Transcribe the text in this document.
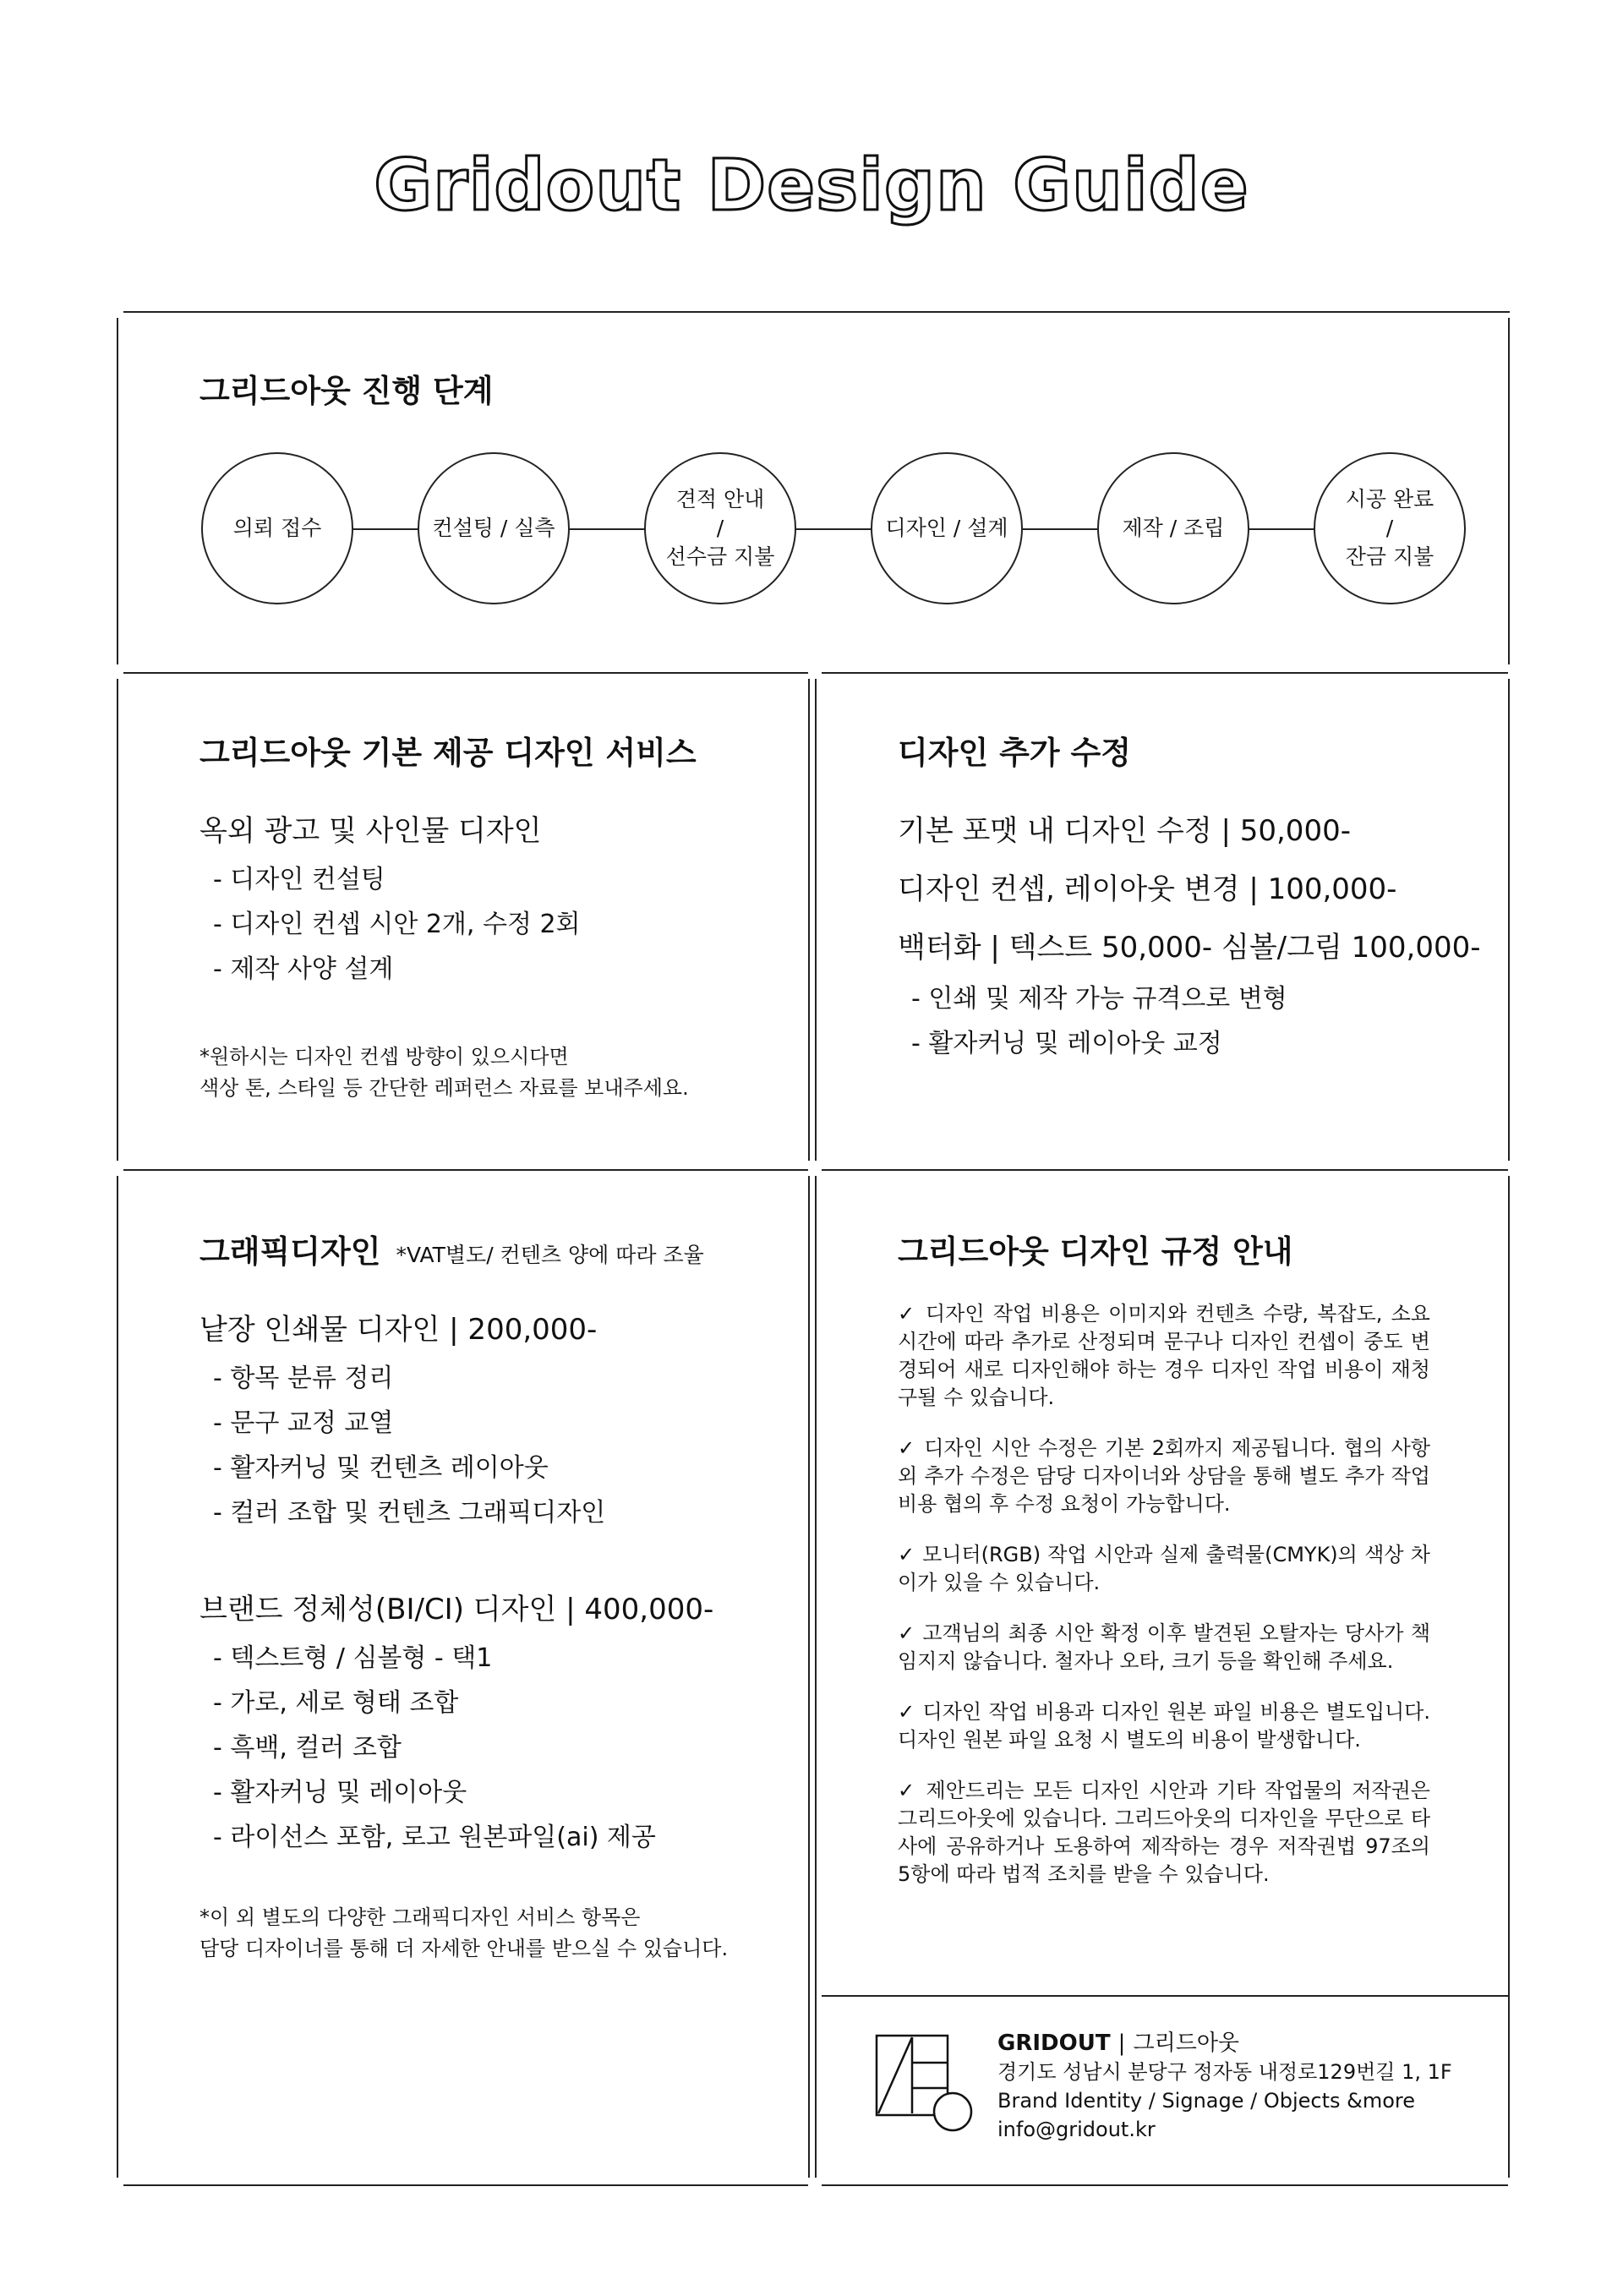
Gridout Design Guide
그리드아웃 진행 단계
의뢰 접수	컨설팅 / 실측
견적 안내
/
선수금 지불
디자인 / 설계	제작 / 조립
시공 완료
/
잔금 지불
그리드아웃 기본 제공 디자인 서비스
옥외 광고 및 사인물 디자인
- 디자인 컨설팅
- 디자인 컨셉 시안 2개, 수정 2회
- 제작 사양 설계
*원하시는 디자인 컨셉 방향이 있으시다면
색상 톤, 스타일 등 간단한 레퍼런스 자료를 보내주세요.
디자인 추가 수정
기본 포맷 내 디자인 수정 | 50,000-
디자인 컨셉, 레이아웃 변경 | 100,000-
백터화 | 텍스트 50,000- 심볼/그림 100,000-
- 인쇄 및 제작 가능 규격으로 변형
- 활자커닝 및 레이아웃 교정
그래픽디자인 *VAT별도/ 컨텐츠 양에 따라 조율
낱장 인쇄물 디자인 | 200,000-
- 항목 분류 정리
- 문구 교정 교열
- 활자커닝 및 컨텐츠 레이아웃
- 컬러 조합 및 컨텐츠 그래픽디자인
브랜드 정체성(BI/CI) 디자인 | 400,000-
- 텍스트형 / 심볼형 - 택1
- 가로, 세로 형태 조합
- 흑백, 컬러 조합
- 활자커닝 및 레이아웃
- 라이선스 포함, 로고 원본파일(ai) 제공
*이 외 별도의 다양한 그래픽디자인 서비스 항목은
담당 디자이너를 통해 더 자세한 안내를 받으실 수 있습니다.
그리드아웃 디자인 규정 안내

✓ 디자인 작업 비용은 이미지와 컨텐츠 수량, 복잡도, 소요 시간에 따라 추가로 산정되며 문구나 디자인 컨셉이 중도 변경되어 새로 디자인해야 하는 경우 디자인 작업 비용이 재청구될 수 있습니다.

✓ 디자인 시안 수정은 기본 2회까지 제공됩니다. 협의 사항 외 추가 수정은 담당 디자이너와 상담을 통해 별도 추가 작업 비용 협의 후 수정 요청이 가능합니다.

✓ 모니터(RGB) 작업 시안과 실제 출력물(CMYK)의 색상 차이가 있을 수 있습니다.

✓ 고객님의 최종 시안 확정 이후 발견된 오탈자는 당사가 책임지지 않습니다. 철자나 오타, 크기 등을 확인해 주세요.

✓ 디자인 작업 비용과 디자인 원본 파일 비용은 별도입니다. 디자인 원본 파일 요청 시 별도의 비용이 발생합니다.

✓ 제안드리는 모든 디자인 시안과 기타 작업물의 저작권은 그리드아웃에 있습니다. 그리드아웃의 디자인을 무단으로 타사에 공유하거나 도용하여 제작하는 경우 저작권법 97조의 5항에 따라 법적 조치를 받을 수 있습니다.

GRIDOUT | 그리드아웃
경기도 성남시 분당구 정자동 내정로129번길 1, 1F
Brand Identity / Signage / Objects &more
info@gridout.kr
